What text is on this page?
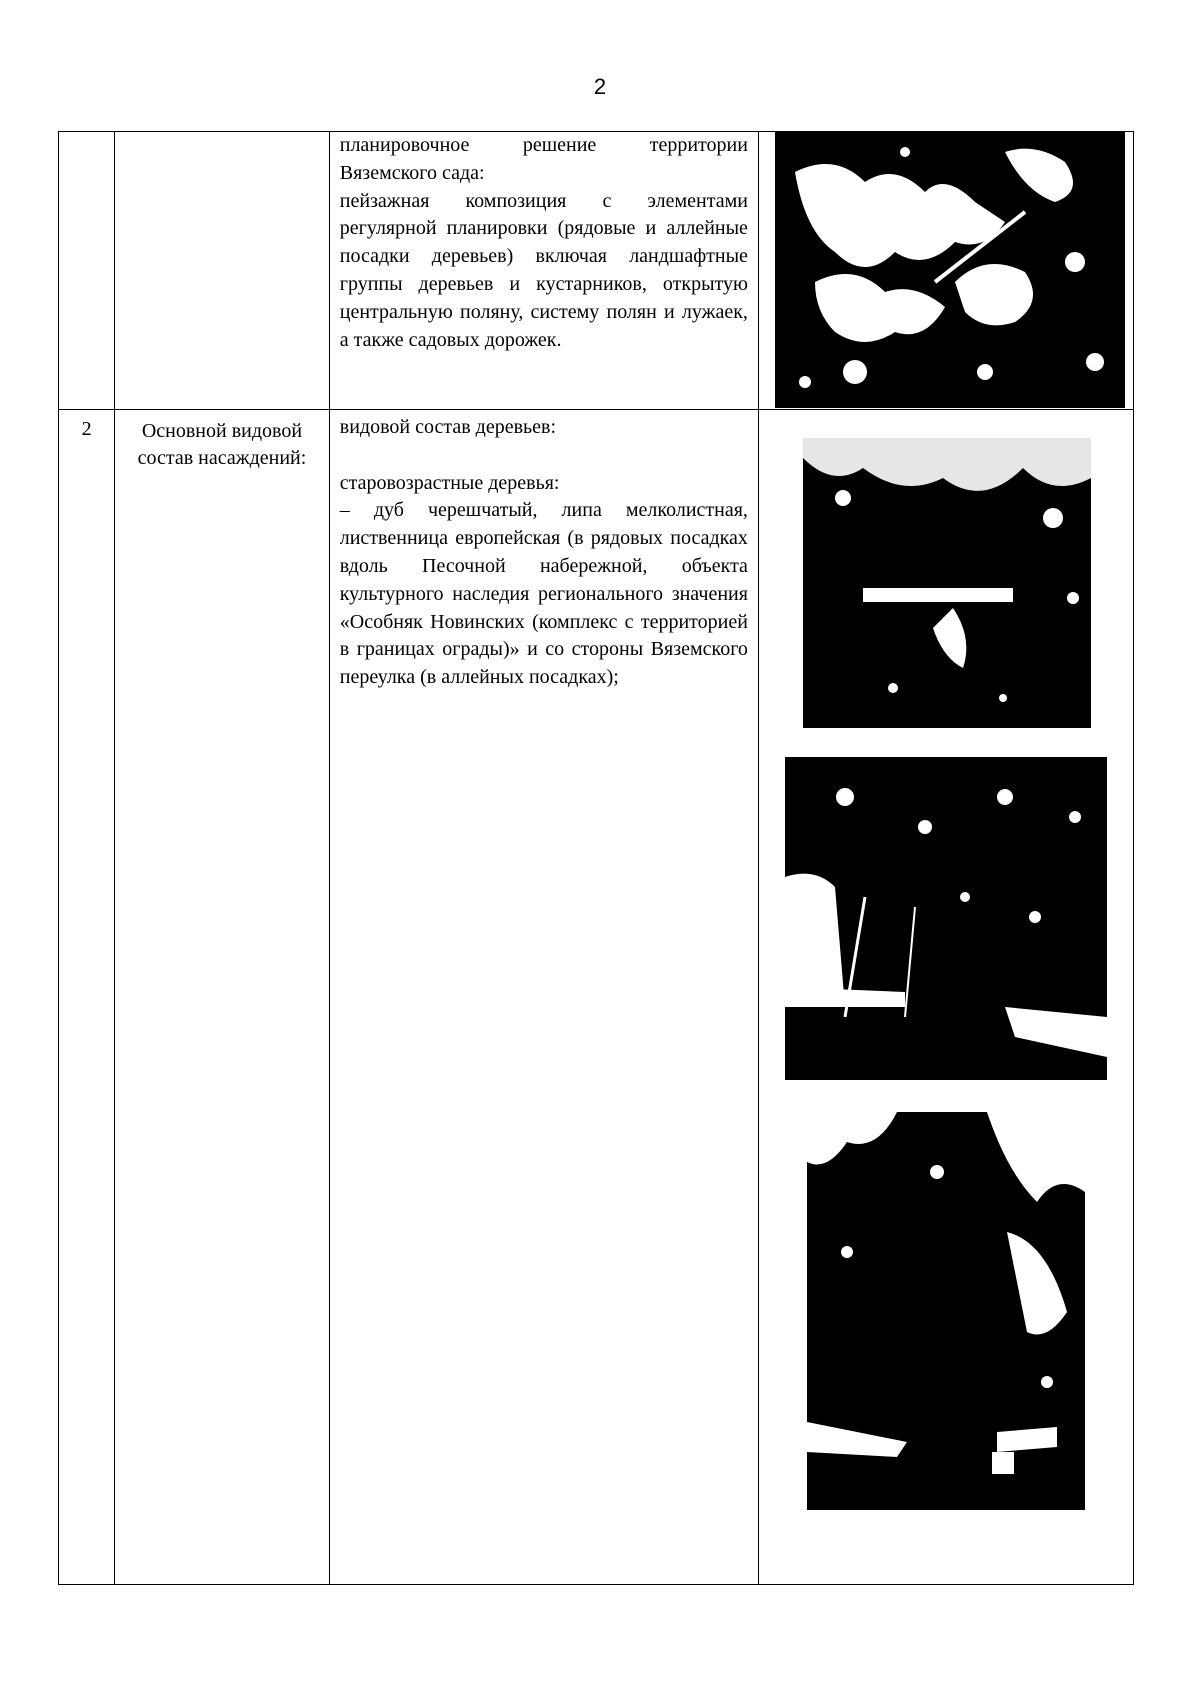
2

		планировочное решение территории Вяземского сада:

пейзажная композиция с элементами регулярной планировки (рядовые и аллейные посадки деревьев) включая ландшафтные группы деревьев и кустарников, открытую центральную поляну, систему полян и лужаек, а также садовых дорожек.

2	Основной видовой состав насаждений:	видовой состав деревьев:

старовозрастные деревья:

– дуб черешчатый, липа мелколистная, лиственница европейская (в рядовых посадках вдоль Песочной набережной, объекта культурного наследия регионального значения «Особняк Новинских (комплекс с территорией в границах ограды)» и со стороны Вяземского переулка (в аллейных посадках);
